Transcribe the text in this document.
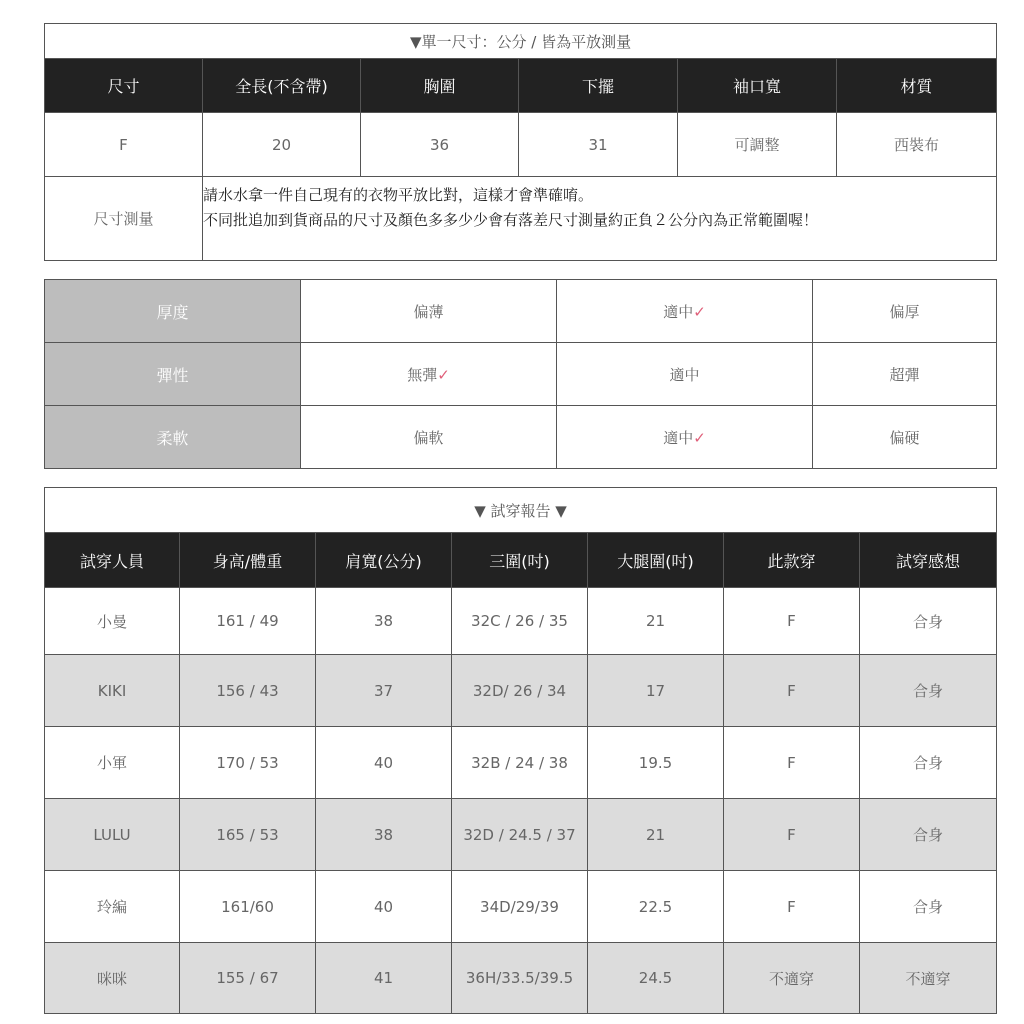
▼單一尺寸：公分 / 皆為平放測量					
尺寸	全長(不含帶)	胸圍	下擺	袖口寬	材質
F	20	36	31	可調整	西裝布
尺寸測量	請水水拿一件自己現有的衣物平放比對，這樣才會準確唷。
不同批追加到貨商品的尺寸及顏色多多少少會有落差尺寸測量約正負２公分內為正常範圍喔！				
厚度	偏薄	適中✓	偏厚
彈性	無彈✓	適中	超彈
柔軟	偏軟	適中✓	偏硬
▼ 試穿報告 ▼						
試穿人員	身高/體重	肩寬(公分)	三圍(吋)	大腿圍(吋)	此款穿	試穿感想
小曼	161 / 49	38	32C / 26 / 35	21	F	合身
KIKI	156 / 43	37	32D/ 26 / 34	17	F	合身
小軍	170 / 53	40	32B / 24 / 38	19.5	F	合身
LULU	165 / 53	38	32D / 24.5 / 37	21	F	合身
玲編	161/60	40	34D/29/39	22.5	F	合身
咪咪	155 / 67	41	36H/33.5/39.5	24.5	不適穿	不適穿
